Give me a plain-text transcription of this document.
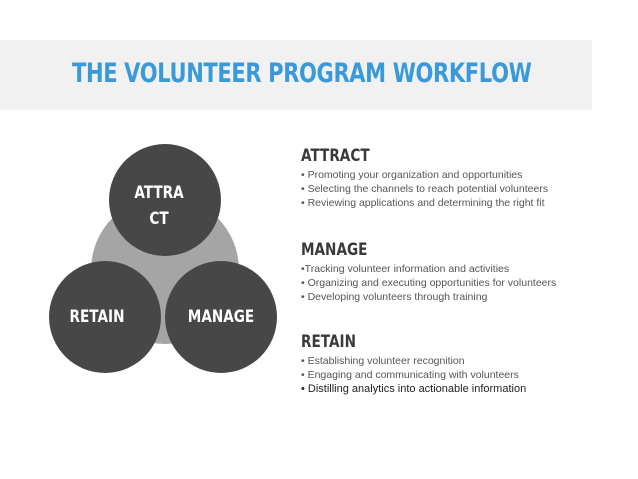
THE VOLUNTEER PROGRAM WORKFLOW
ATTRACT
RETAIN	MANAGE
ATTRACT
• Promoting your organization and opportunities
• Selecting the channels to reach potential volunteers
• Reviewing applications and determining the right fit
MANAGE
•Tracking volunteer information and activities
• Organizing and executing opportunities for volunteers
• Developing volunteers through training
RETAIN
• Establishing volunteer recognition
• Engaging and communicating with volunteers
• Distilling analytics into actionable information
